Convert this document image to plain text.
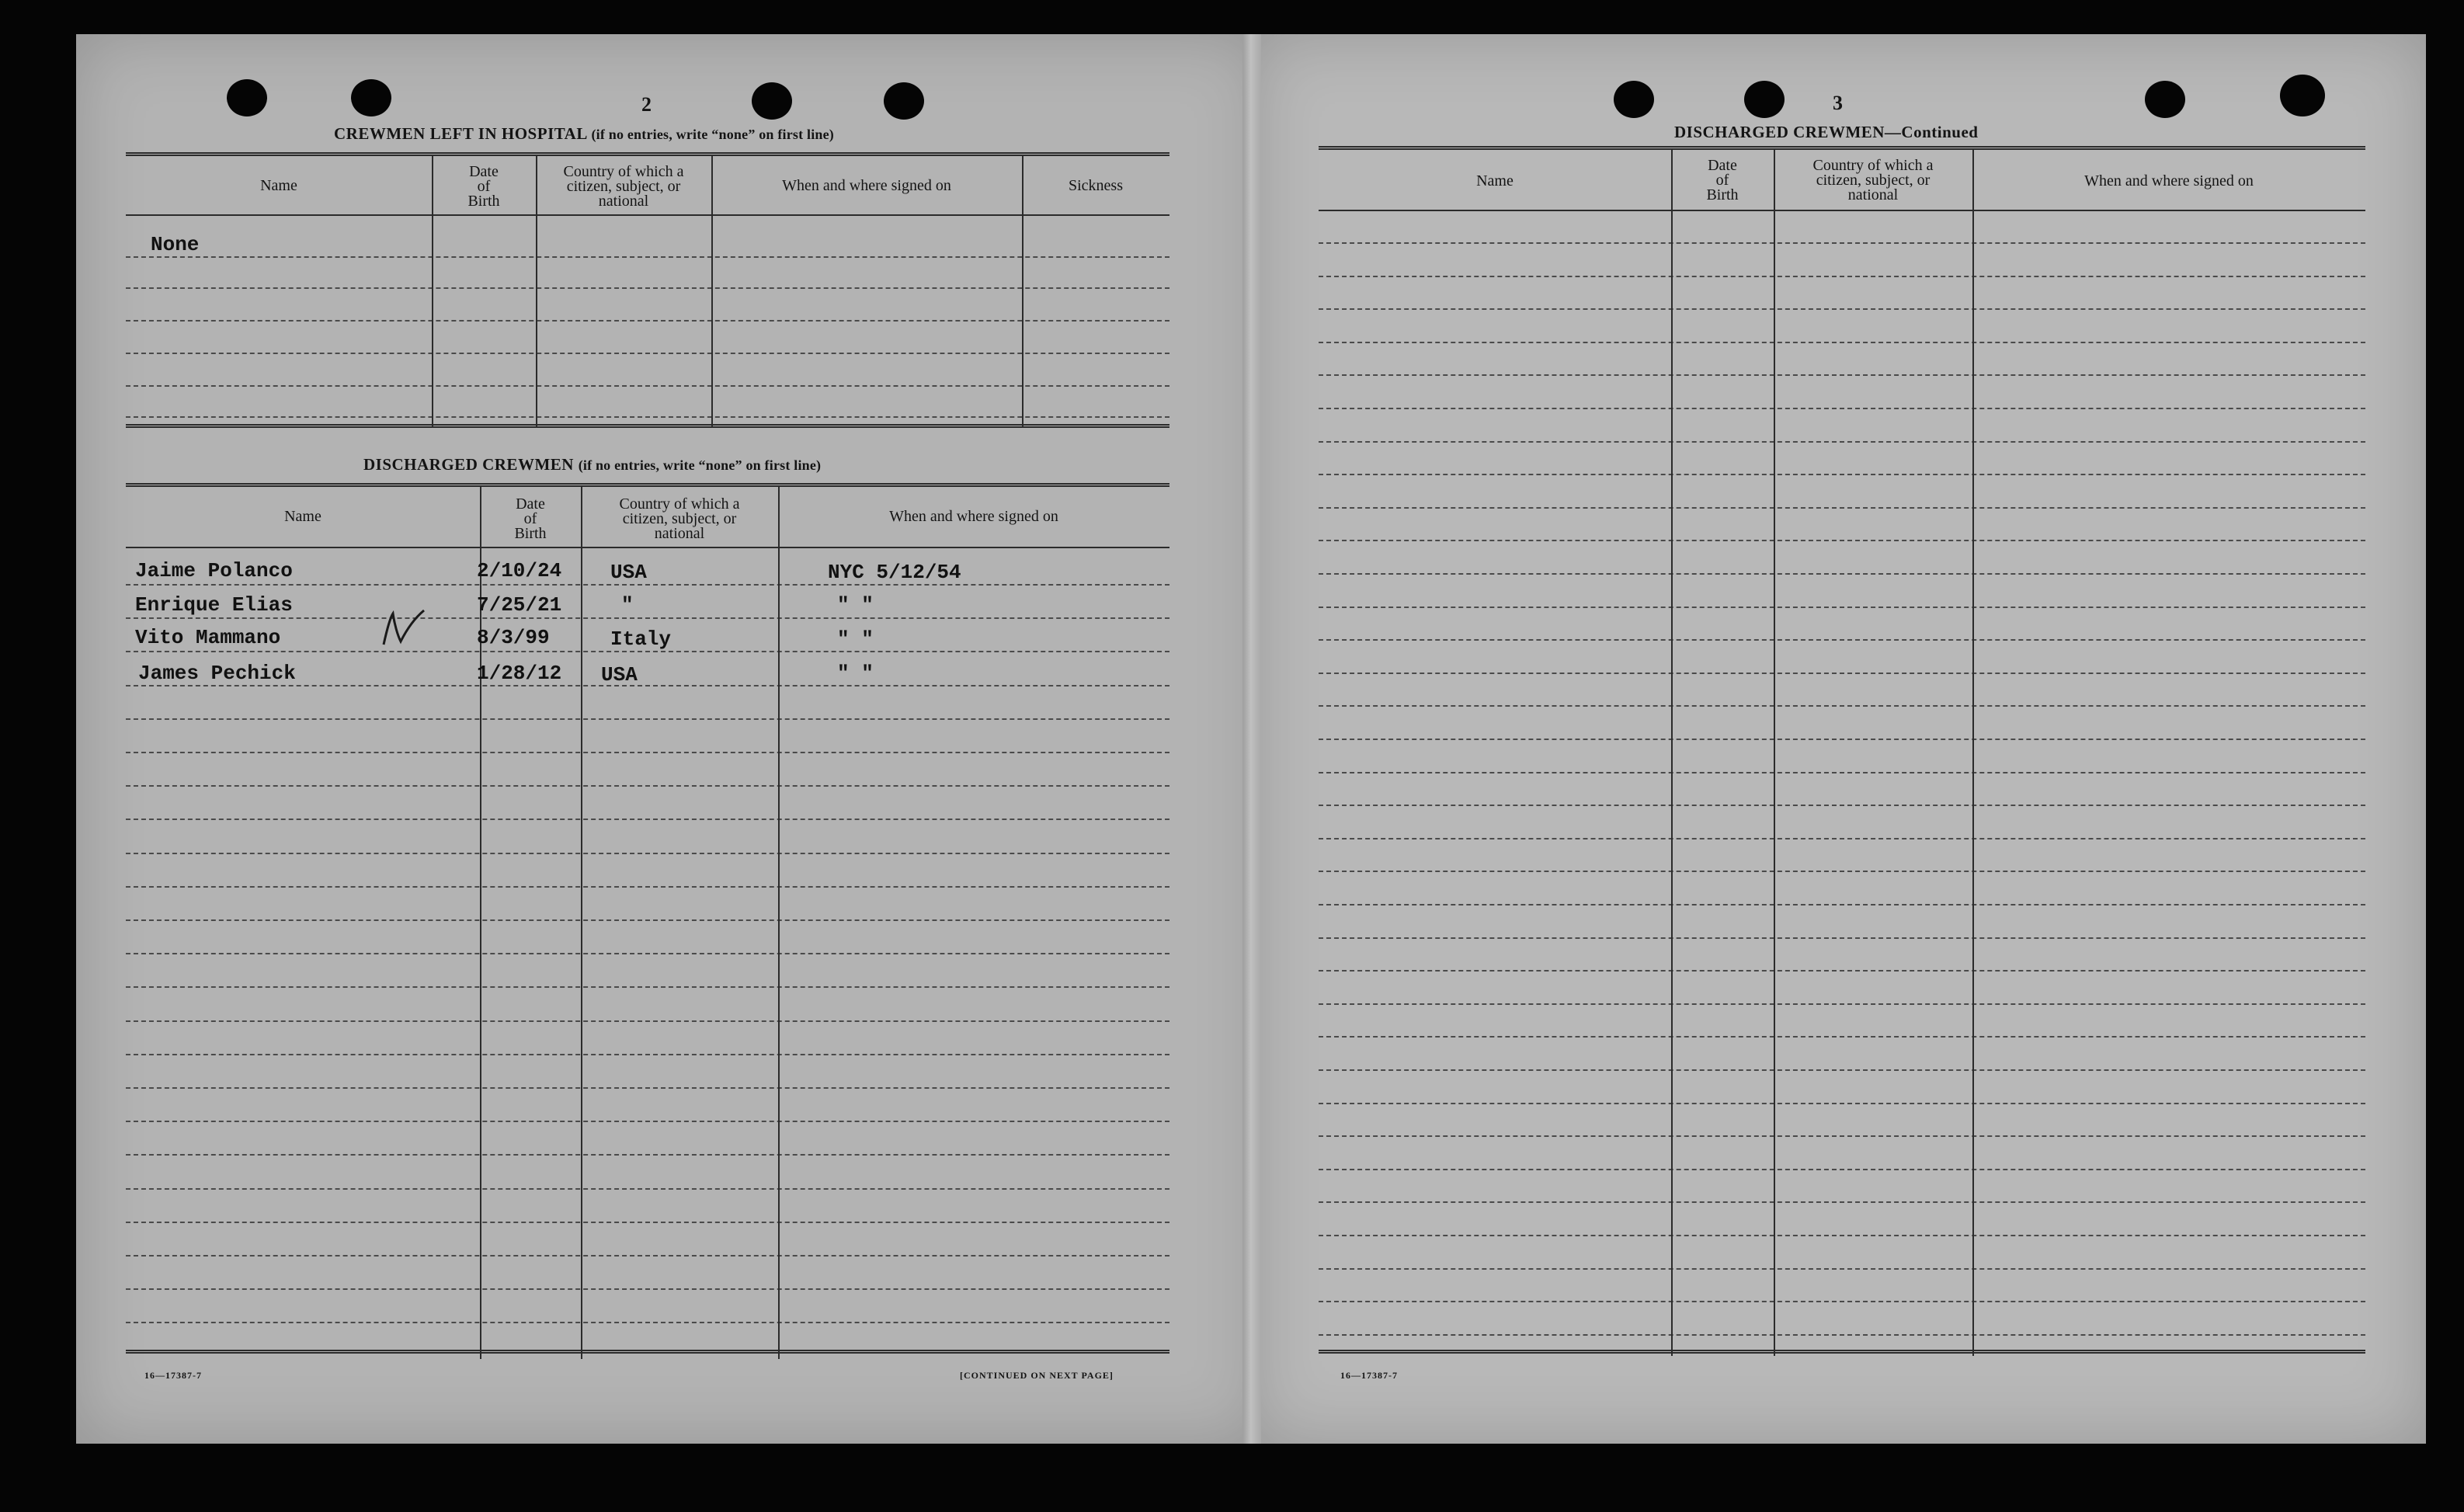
2
CREWMEN LEFT IN HOSPITAL (if no entries, write “none” on first line)
Name
Date
of
Birth
Country of which a
citizen, subject, or
national
When and where signed on	Sickness
None
DISCHARGED CREWMEN (if no entries, write “none” on first line)
Name
Date
of
Birth
Country of which a
citizen, subject, or
national
When and where signed on
Jaime Polanco	2/10/24 USA	NYC 5/12/54
Enrique Elias	7/25/21	"	" "
Vito Mammano	8/3/99	Italy	" "
James Pechick	1/28/12 USA	" "
16—17387-7	[CONTINUED ON NEXT PAGE]
3
DISCHARGED CREWMEN—Continued
Name
Date
of
Birth
Country of which a
citizen, subject, or
national
When and where signed on
16—17387-7
